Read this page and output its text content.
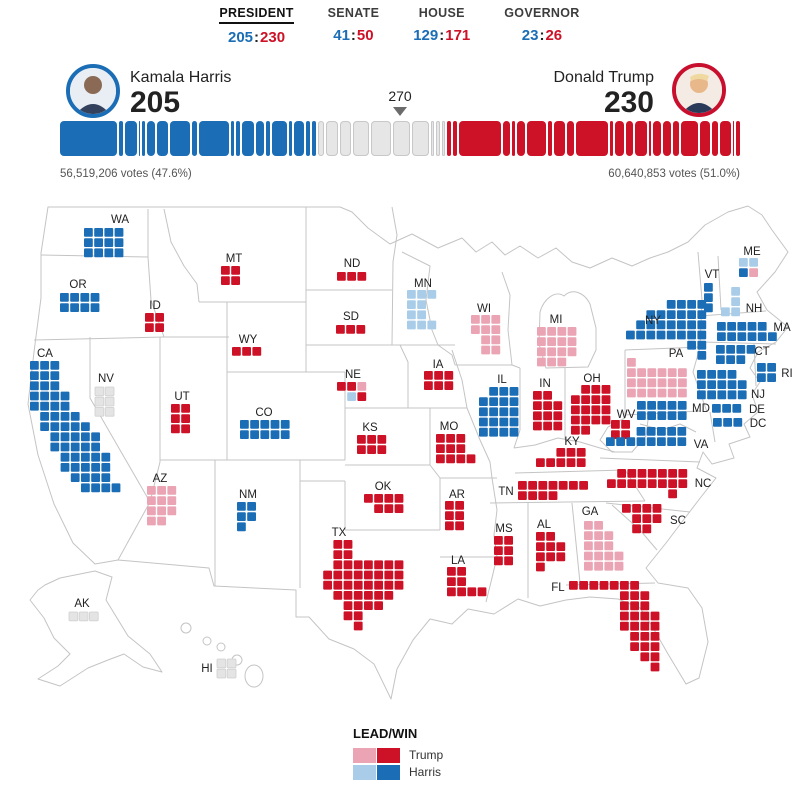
WA
OR
CA
NV
ID
MT
WY
UT
CO
AZ
NM
ND
SD
NE
KS
OK
TX
MN
IA
MO
AR
LA
WI
IL	IN
MI
OH
KY
TN
MS AL
GA
FL
WV
VA
NC
SC
NY
PA
VT
NH
ME
MA
CT
RI
NJ
DE
DC
MD
AK
HI
PRESIDENT
205:230
SENATE
41:50
HOUSE
129:171
GOVERNOR
23:26
Kamala Harris
205
Donald Trump
230
270
56,519,206 votes (47.6%)	60,640,853 votes (51.0%)
LEAD/WIN
Trump
Harris
